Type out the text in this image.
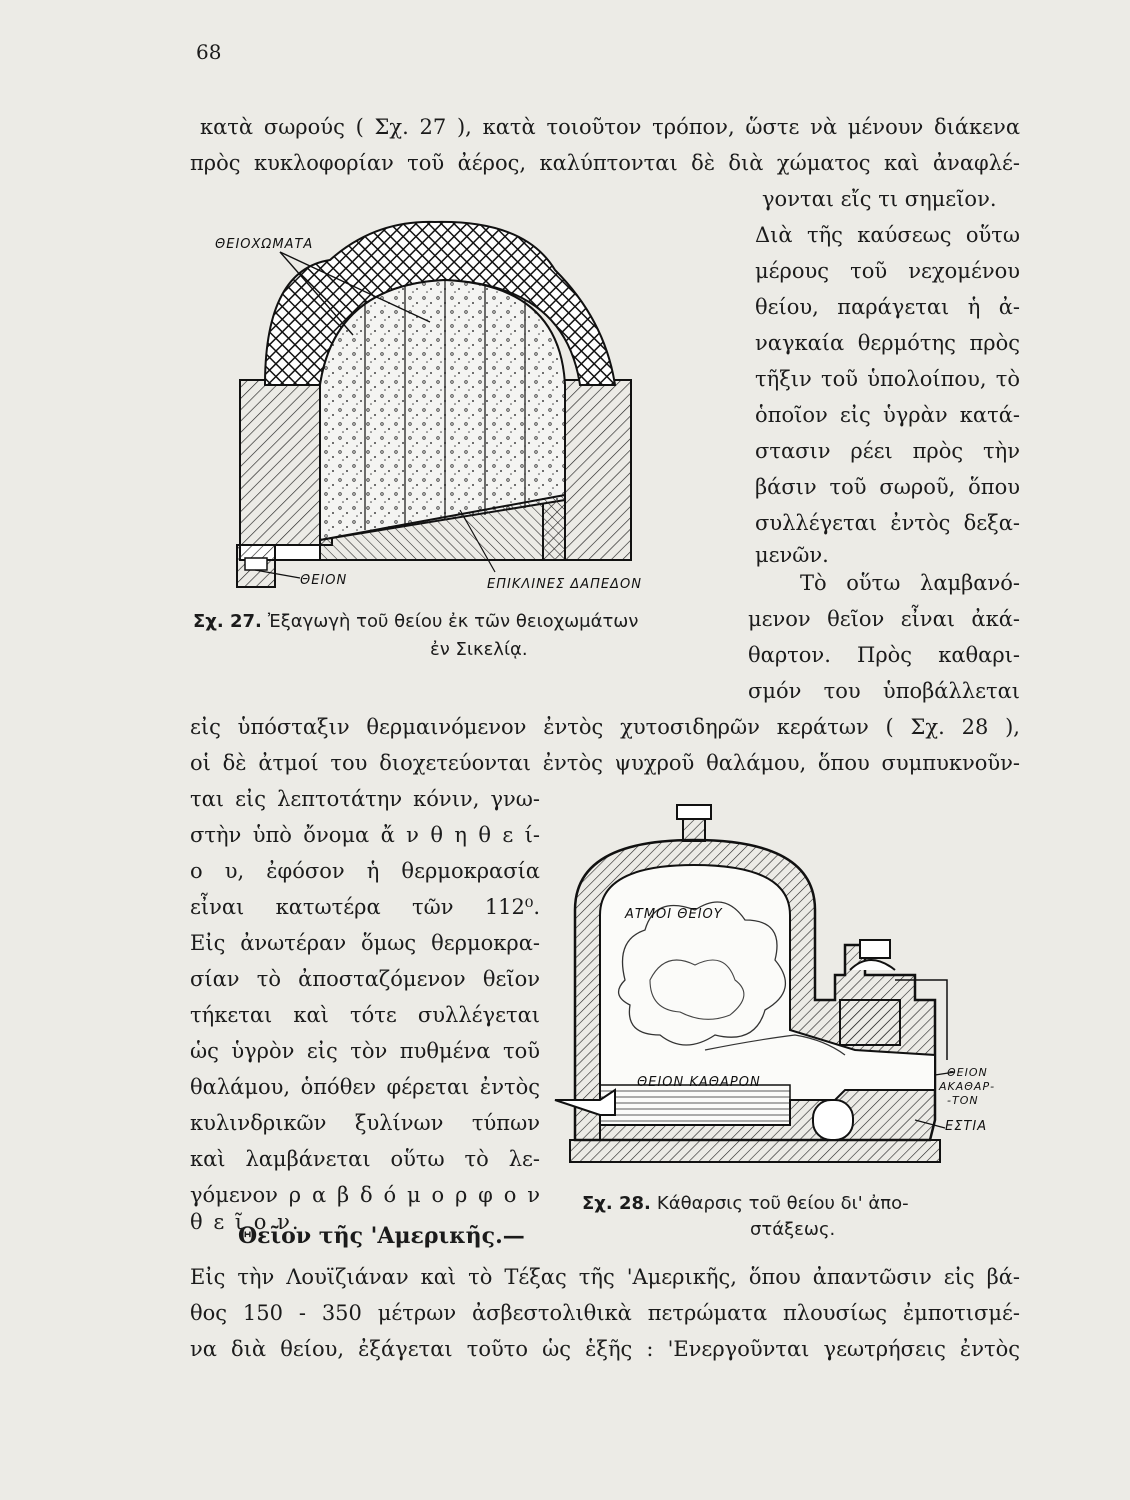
68
κατὰ σωρούς ( Σχ. 27 ), κατὰ τοιοῦτον τρόπον, ὥστε νὰ μένουν διάκενα
πρὸς κυκλοφορίαν τοῦ ἀέρος, καλύπτονται δὲ διὰ χώματος καὶ ἀναφλέ-
γονται εἴς τι σημεῖον.
Διὰ τῆς καύσεως οὕτω
μέρους τοῦ νεχομένου
θείου, παράγεται ἡ ἀ-
ναγκαία θερμότης πρὸς
τῆξιν τοῦ ὑπολοίπου, τὸ
ὁποῖον εἰς ὑγρὰν κατά-
στασιν ρέει πρὸς τὴν
βάσιν τοῦ σωροῦ, ὅπου
συλλέγεται ἐντὸς δεξα-
μενῶν.
Τὸ οὕτω λαμβανό-
μενον θεῖον εἶναι ἀκά-
θαρτον. Πρὸς καθαρι-
σμόν του ὑποβάλλεται
ΘΕΙΟΧΩΜΑΤΑ
ΘΕΙΟΝ	ΕΠΙΚΛΙΝΕΣ ΔΑΠΕΔΟΝ
Σχ. 27. Ἐξαγωγὴ τοῦ θείου ἐκ τῶν θειοχωμάτων
ἐν Σικελίᾳ.
εἰς ὑπόσταξιν θερμαινόμενον ἐντὸς χυτοσιδηρῶν κεράτων ( Σχ. 28 ),
οἱ δὲ ἀτμοί του διοχετεύονται ἐντὸς ψυχροῦ θαλάμου, ὅπου συμπυκνοῦν-
ται εἰς λεπτοτάτην κόνιν, γνω-
στὴν ὑπὸ ὄνομα ἄ ν θ η θ ε ί-
ο υ, ἐφόσον ἡ θερμοκρασία
εἶναι κατωτέρα τῶν 112⁰.
Εἰς ἀνωτέραν ὅμως θερμοκρα-
σίαν τὸ ἀποσταζόμενον θεῖον
τήκεται καὶ τότε συλλέγεται
ὡς ὑγρὸν εἰς τὸν πυθμένα τοῦ
θαλάμου, ὁπόθεν φέρεται ἐντὸς
κυλινδρικῶν ξυλίνων τύπων
καὶ λαμβάνεται οὕτω τὸ λε-
γόμενον ρ α β δ ό μ ο ρ φ ο ν
θ ε ῖ ο ν.
ΑΤΜΟΙ ΘΕΙΟΥ
ΘΕΙΟΝ ΚΑΘΑΡΟΝ
ΘΕΙΟΝ
ΑΚΑΘΑΡ-
-ΤΟΝ
ΕΣΤΙΑ
Σχ. 28. Κάθαρσις τοῦ θείου δι' ἀπο-
στάξεως.
Θεῖον τῆς 'Αμερικῆς.—
Εἰς τὴν Λουϊζιάναν καὶ τὸ Τέξας τῆς 'Αμερικῆς, ὅπου ἀπαντῶσιν εἰς βά-
θος 150 - 350 μέτρων ἀσβεστολιθικὰ πετρώματα πλουσίως ἐμποτισμέ-
να διὰ θείου, ἐξάγεται τοῦτο ὡς ἑξῆς : 'Ενεργοῦνται γεωτρήσεις ἐντὸς
